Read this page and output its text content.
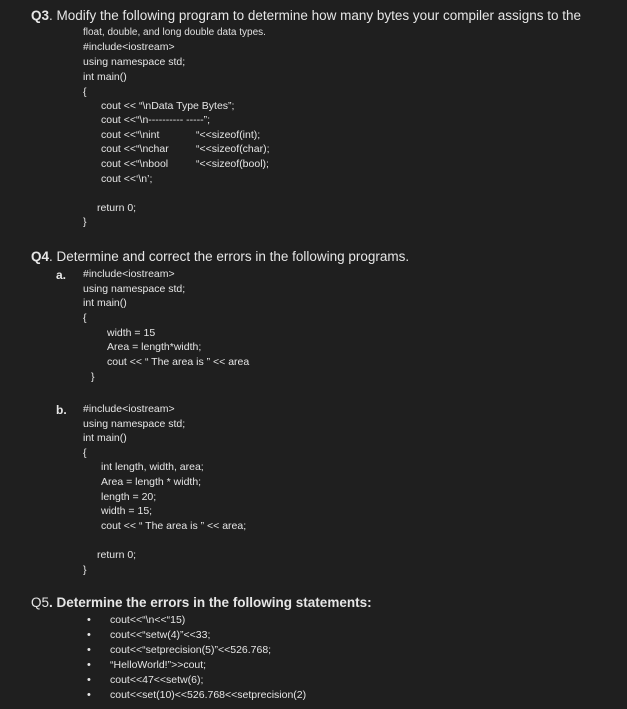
Q3. Modify the following program to determine how many bytes your compiler assigns to the
float, double, and long double data types.
#include<iostream>
using namespace std;
int main()
{
cout << “\nData Type Bytes”;
cout <<“\n---------- -----”;
cout <<“\nint	“<<sizeof(int);
cout <<“\nchar	“<<sizeof(char);
cout <<“\nbool	“<<sizeof(bool);
cout <<‘\n’;
return 0;
}
Q4. Determine and correct the errors in the following programs.
a. #include<iostream>
using namespace std;
int main()
{
width = 15
Area = length*width;
cout << “ The area is ” << area
}
b. #include<iostream>
using namespace std;
int main()
{
int length, width, area;
Area = length * width;
length = 20;
width = 15;
cout << “ The area is ” << area;
return 0;
}
Q5. Determine the errors in the following statements:
• cout<<“\n<<“15)
• cout<<“setw(4)”<<33;
• cout<<“setprecision(5)”<<526.768;
• “HelloWorld!”>>cout;
• cout<<47<<setw(6);
• cout<<set(10)<<526.768<<setprecision(2)
